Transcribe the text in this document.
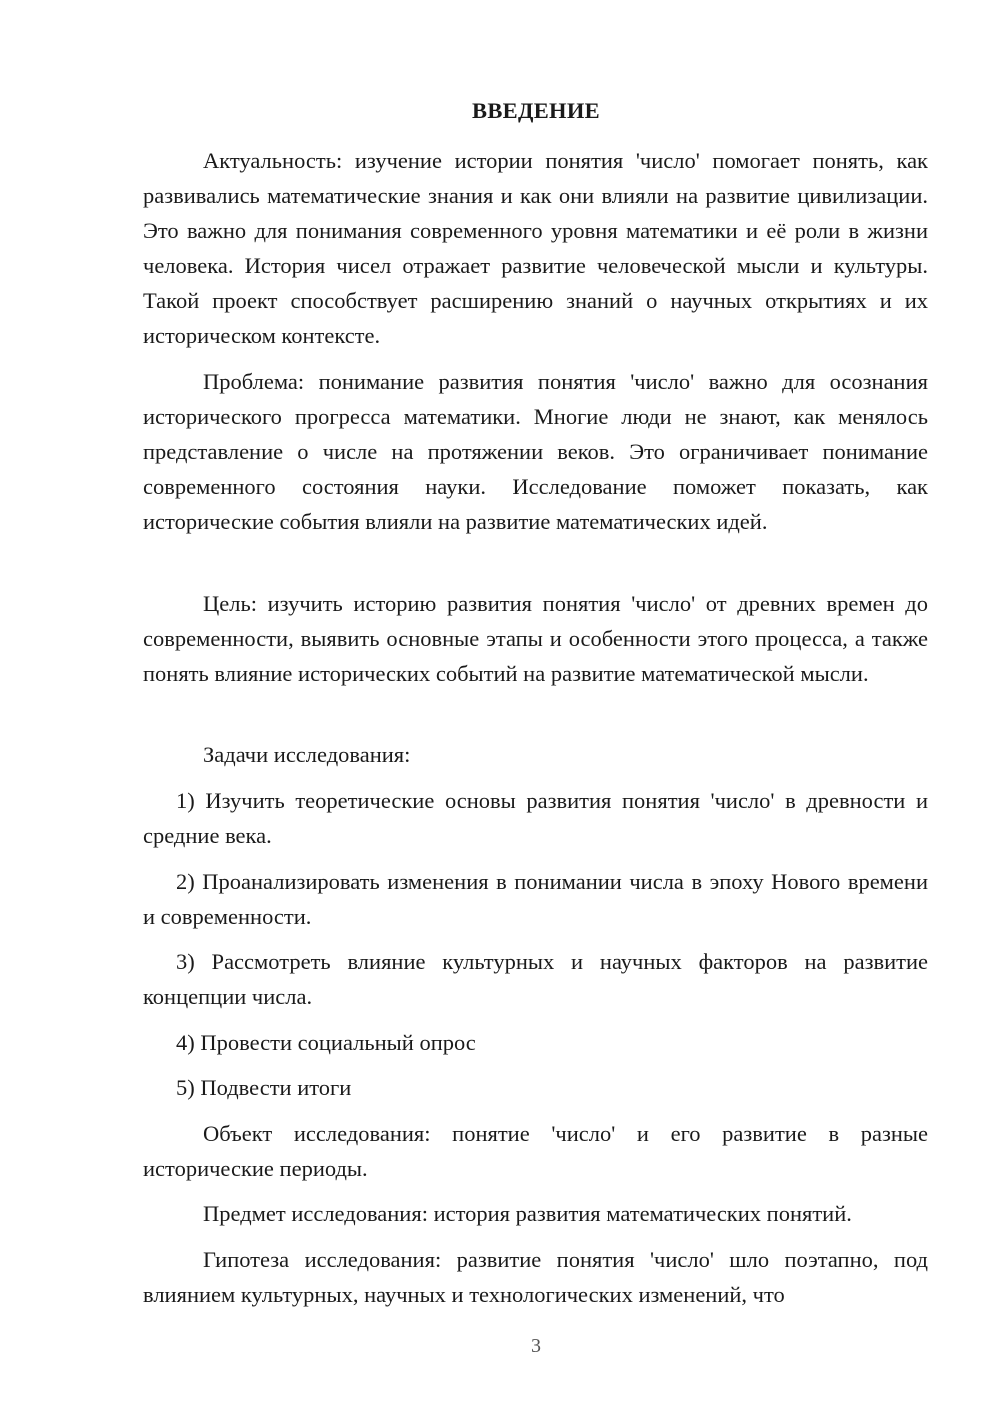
ВВЕДЕНИЕ

Актуальность: изучение истории понятия 'число' помогает понять, как развивались математические знания и как они влияли на развитие цивилизации. Это важно для понимания современного уровня математики и её роли в жизни человека. История чисел отражает развитие человеческой мысли и культуры. Такой проект способствует расширению знаний о научных открытиях и их историческом контексте.

Проблема: понимание развития понятия 'число' важно для осознания исторического прогресса математики. Многие люди не знают, как менялось представление о числе на протяжении веков. Это ограничивает понимание современного состояния науки. Исследование поможет показать, как исторические события влияли на развитие математических идей.

Цель: изучить историю развития понятия 'число' от древних времен до современности, выявить основные этапы и особенности этого процесса, а также понять влияние исторических событий на развитие математической мысли.

Задачи исследования:

1) Изучить теоретические основы развития понятия 'число' в древности и средние века.

2) Проанализировать изменения в понимании числа в эпоху Нового времени и современности.

3) Рассмотреть влияние культурных и научных факторов на развитие концепции числа.

4) Провести социальный опрос

5) Подвести итоги

Объект исследования: понятие 'число' и его развитие в разные исторические периоды.

Предмет исследования: история развития математических понятий.

Гипотеза исследования: развитие понятия 'число' шло поэтапно, под влиянием культурных, научных и технологических изменений, что

3
